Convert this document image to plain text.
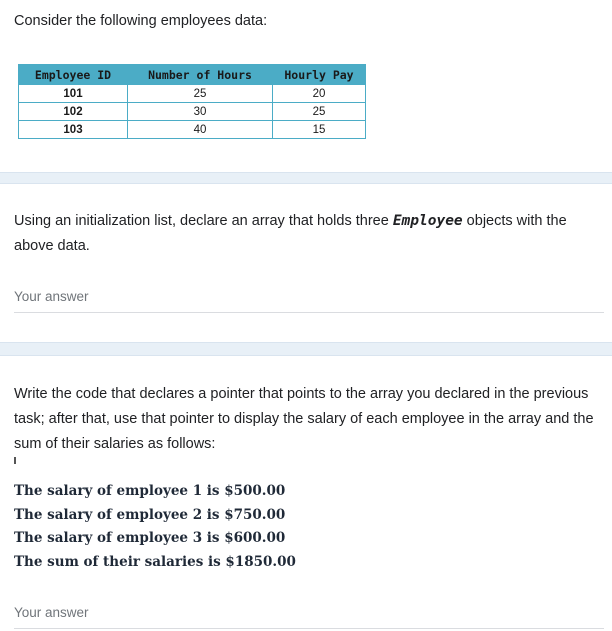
Consider the following employees data:
Employee ID	Number of Hours	Hourly Pay
101	25	20
102	30	25
103	40	15
Using an initialization list, declare an array that holds three Employee objects with the above data.
Your answer
Write the code that declares a pointer that points to the array you declared in the previous task; after that, use that pointer to display the salary of each employee in the array and the sum of their salaries as follows:
The salary of employee 1 is $500.00
The salary of employee 2 is $750.00
The salary of employee 3 is $600.00
The sum of their salaries is $1850.00
Your answer
